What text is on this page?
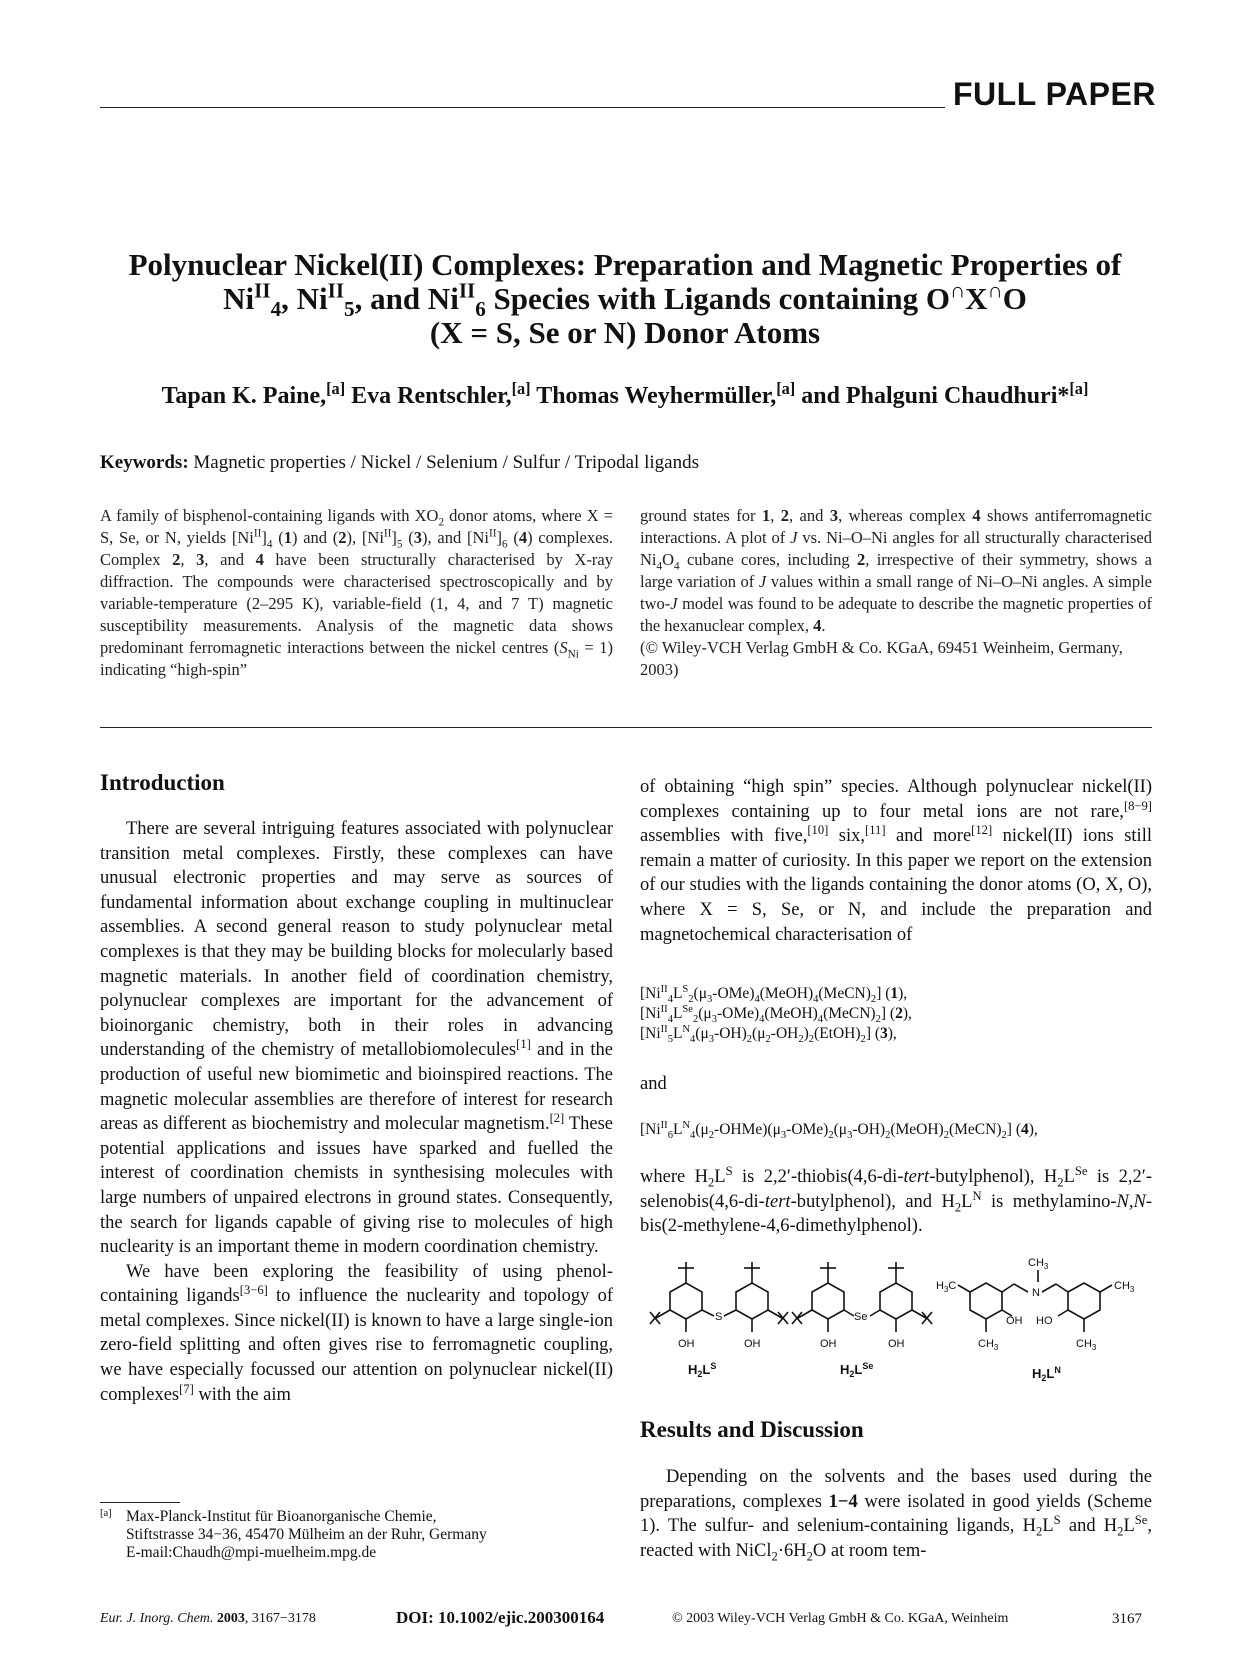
FULL PAPER
Polynuclear Nickel(II) Complexes: Preparation and Magnetic Properties of
$Ni^{II}_4$, $Ni^{II}_5$, and $Ni^{II}_6$ Species with Ligands containing O∩X∩O
(X = S, Se or N) Donor Atoms
Tapan K. Paine,[a] Eva Rentschler,[a] Thomas Weyhermüller,[a] and Phalguni Chaudhuri*[a]
Keywords: Magnetic properties / Nickel / Selenium / Sulfur / Tripodal ligands
A family of bisphenol-containing ligands with $XO_2$ donor atoms, where X = S, Se, or N, yields $[Ni^{II}]_4$ (1) and (2), $[Ni^{II}]_5$ (3), and $[Ni^{II}]_6$ (4) complexes. Complex 2, 3, and 4 have been structurally characterised by X-ray diffraction. The compounds were characterised spectroscopically and by variable-temperature (2–295 K), variable-field (1, 4, and 7 T) magnetic susceptibility measurements. Analysis of the magnetic data shows predominant ferromagnetic interactions between the nickel centres $(S_{Ni} = 1)$ indicating “high-spin”
ground states for 1, 2, and 3, whereas complex 4 shows antiferromagnetic interactions. A plot of J vs. Ni–O–Ni angles for all structurally characterised $Ni_4O_4$ cubane cores, including 2, irrespective of their symmetry, shows a large variation of J values within a small range of Ni–O–Ni angles. A simple two-J model was found to be adequate to describe the magnetic properties of the hexanuclear complex, 4.
(© Wiley-VCH Verlag GmbH & Co. KGaA, 69451 Weinheim, Germany, 2003)
Introduction

There are several intriguing features associated with polynuclear transition metal complexes. Firstly, these complexes can have unusual electronic properties and may serve as sources of fundamental information about exchange coupling in multinuclear assemblies. A second general reason to study polynuclear metal complexes is that they may be building blocks for molecularly based magnetic materials. In another field of coordination chemistry, polynuclear complexes are important for the advancement of bioinorganic chemistry, both in their roles in advancing understanding of the chemistry of metallobiomolecules[1] and in the production of useful new biomimetic and bioinspired reactions. The magnetic molecular assemblies are therefore of interest for research areas as different as biochemistry and molecular magnetism.[2] These potential applications and issues have sparked and fuelled the interest of coordination chemists in synthesising molecules with large numbers of unpaired electrons in ground states. Consequently, the search for ligands capable of giving rise to molecules of high nuclearity is an important theme in modern coordination chemistry.

We have been exploring the feasibility of using phenol-containing ligands[3−6] to influence the nuclearity and topology of metal complexes. Since nickel(II) is known to have a large single-ion zero-field splitting and often gives rise to ferromagnetic coupling, we have especially focussed our attention on polynuclear nickel(II) complexes[7] with the aim

of obtaining “high spin” species. Although polynuclear nickel(II) complexes containing up to four metal ions are not rare,[8−9] assemblies with five,[10] six,[11] and more[12] nickel(II) ions still remain a matter of curiosity. In this paper we report on the extension of our studies with the ligands containing the donor atoms (O, X, O), where X = S, Se, or N, and include the preparation and magnetochemical characterisation of

$[Ni^{II}_4L^S_2(\mu_3-OMe)_4(MeOH)_4(MeCN)_2]$ (1),
$[Ni^{II}_4L^{Se}_2(\mu_3-OMe)_4(MeOH)_4(MeCN)_2]$ (2),
$[Ni^{II}_5L^N_4(\mu_3-OH)_2(\mu_2-OH_2)_2(EtOH)_2]$ (3),
and
$[Ni^{II}_6L^N_4(\mu_2-OHMe)(\mu_3-OMe)_2(\mu_3-OH)_2(MeOH)_2(MeCN)_2]$ (4),

where $H_2L^S$ is 2,2′-thiobis(4,6-di-tert-butylphenol), $H_2L^{Se}$ is 2,2′-selenobis(4,6-di-tert-butylphenol), and $H_2L^N$ is methylamino-N,N-bis(2-methylene-4,6-dimethylphenol).

OH	OH
S
OH	OH
Se
$H_3C$
$CH_3$
OH
N
$CH_3$
HO
$CH_3$
$CH_3$
$H_2L^S$	$H_2L^{Se}$	$H_2L^N$
Results and Discussion

Depending on the solvents and the bases used during the preparations, complexes 1−4 were isolated in good yields (Scheme 1). The sulfur- and selenium-containing ligands, $H_2L^S$ and $H_2L^{Se}$, reacted with $NiCl_2\cdot 6H_2O$ at room tem-

[a] Max-Planck-Institut für Bioanorganische Chemie,
Stiftstrasse 34−36, 45470 Mülheim an der Ruhr, Germany
E-mail:Chaudh@mpi-muelheim.mpg.de
Eur. J. Inorg. Chem. 2003, 3167−3178	DOI: 10.1002/ejic.200300164	© 2003 Wiley-VCH Verlag GmbH & Co. KGaA, Weinheim	3167
